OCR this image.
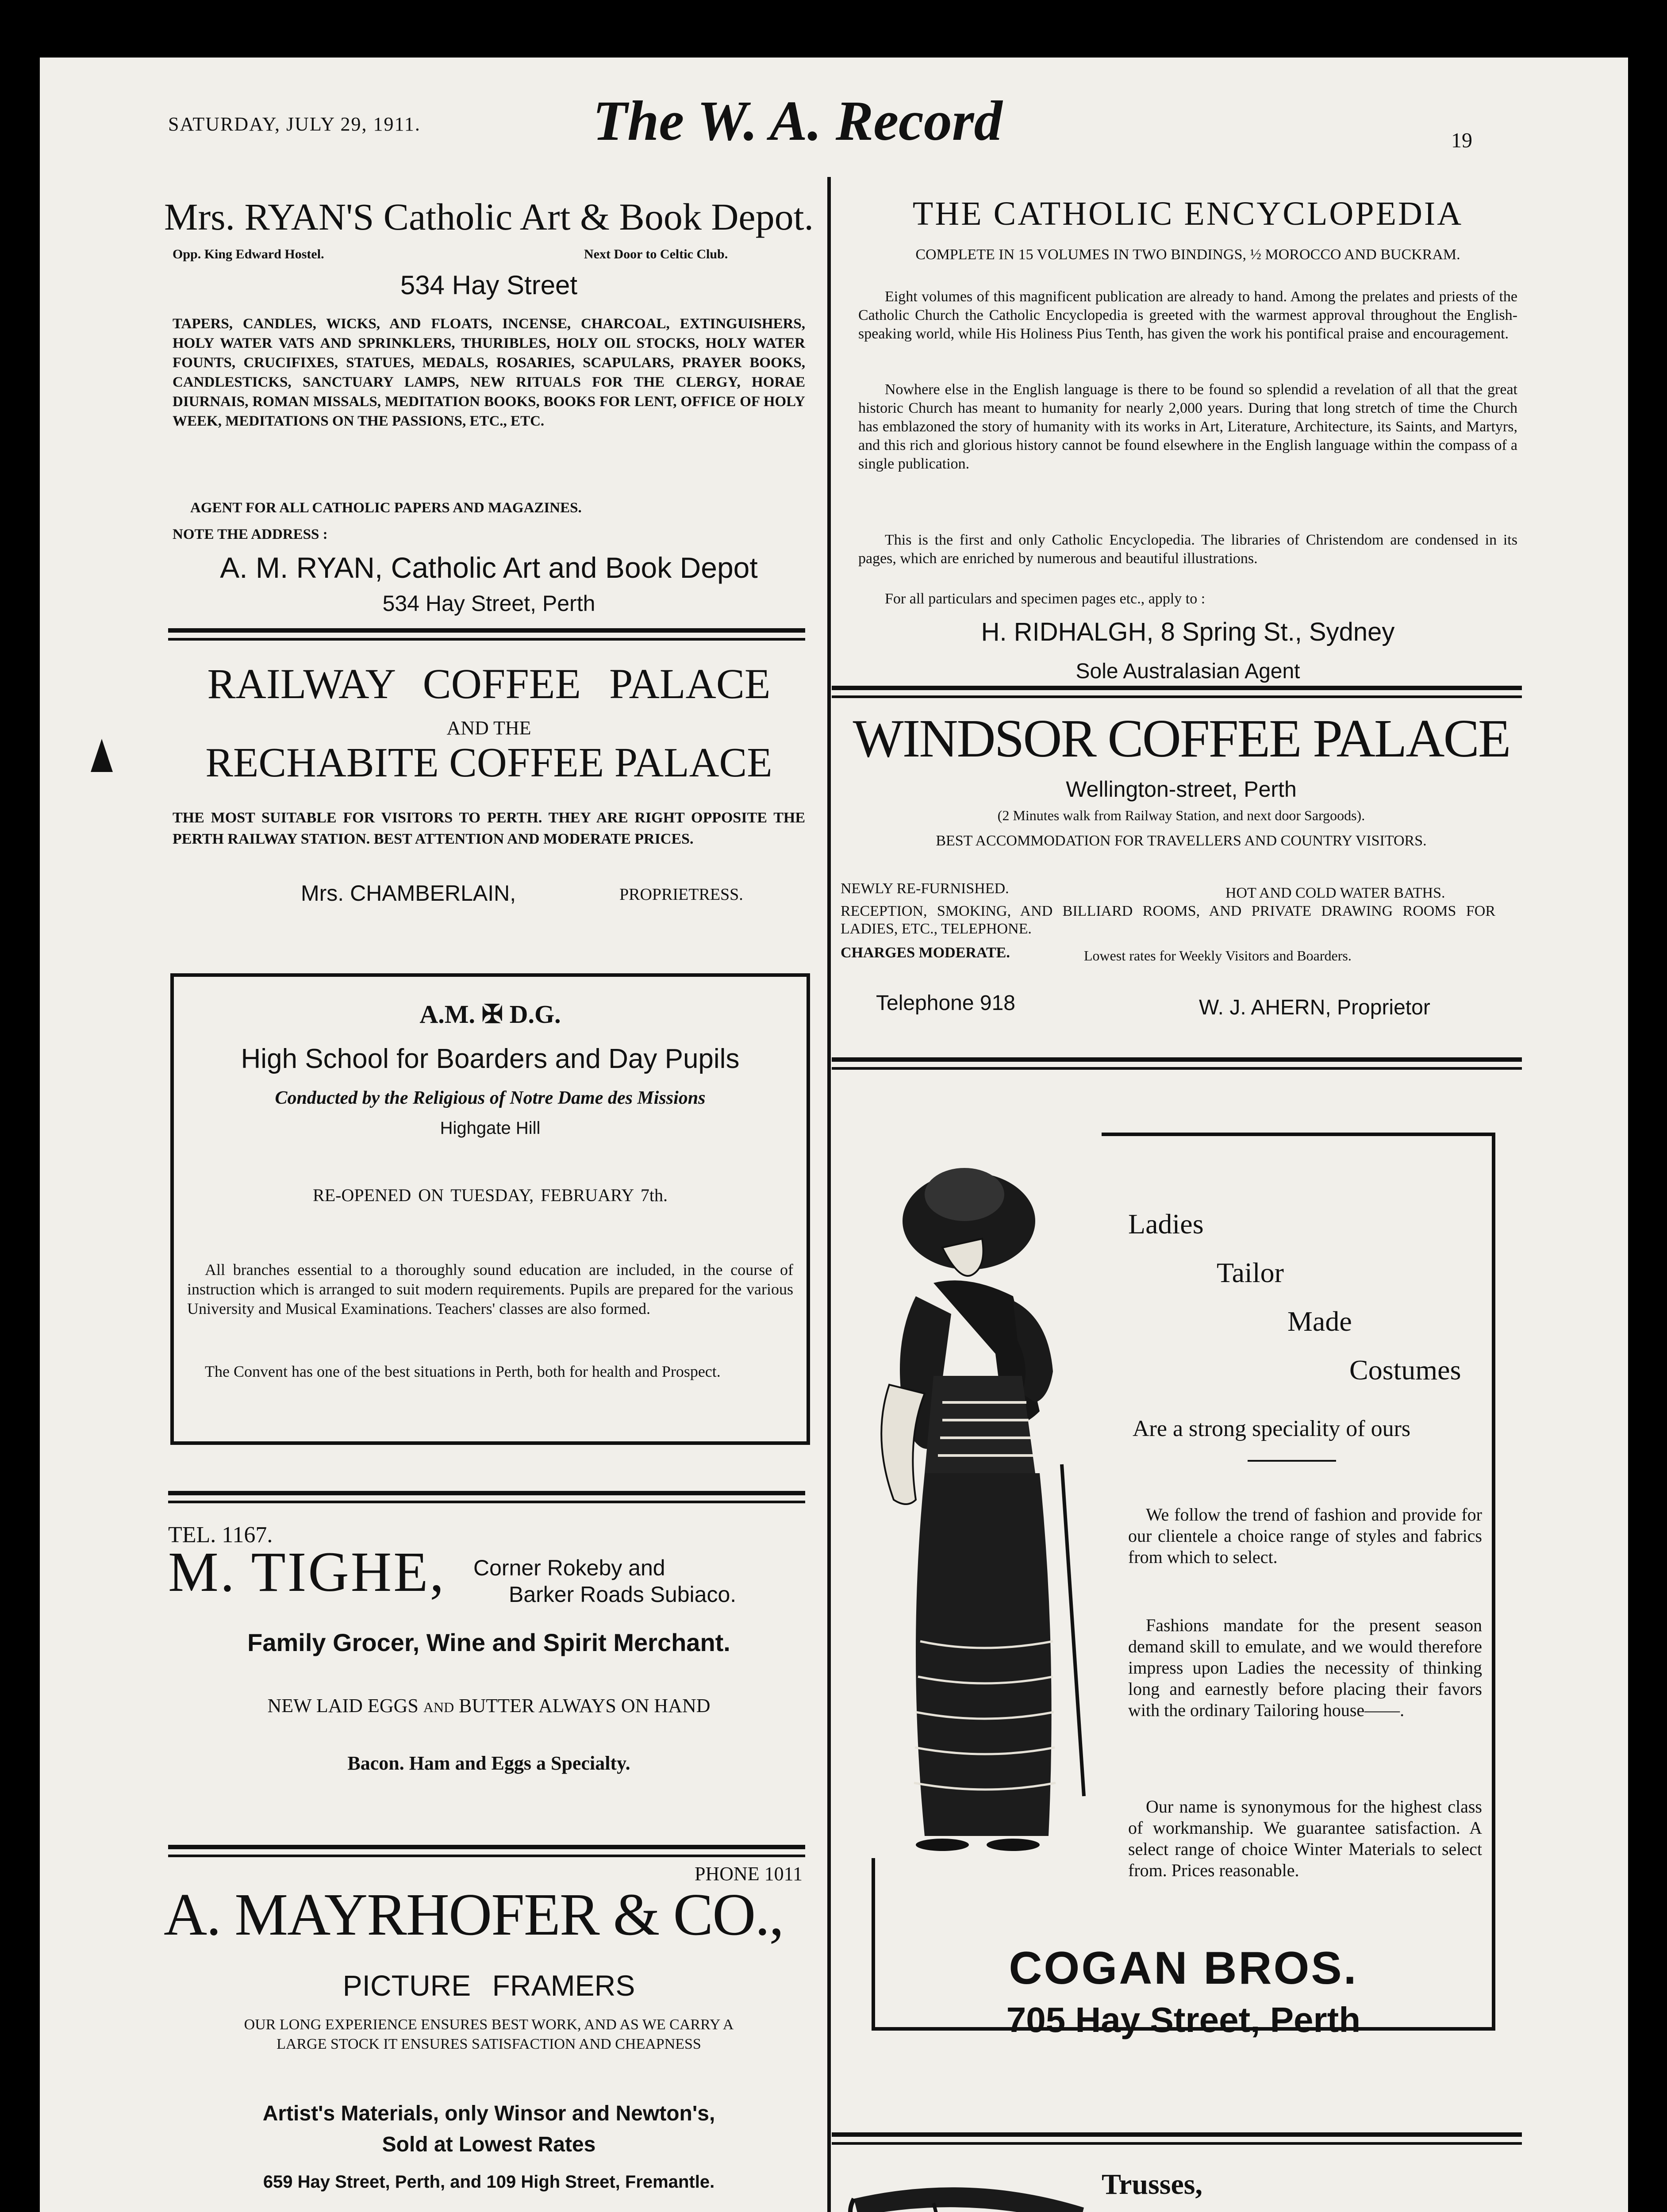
SATURDAY, JULY 29, 1911.	The W. A. Record	19
Mrs. RYAN'S Catholic Art & Book Depot.
Opp. King Edward Hostel.	Next Door to Celtic Club.
534 Hay Street
TAPERS, CANDLES, WICKS, AND FLOATS, INCENSE, CHARCOAL, EXTINGUISHERS, HOLY WATER VATS AND SPRINKLERS, THURIBLES, HOLY OIL STOCKS, HOLY WATER FOUNTS, CRUCIFIXES, STATUES, MEDALS, ROSARIES, SCAPULARS, PRAYER BOOKS, CANDLESTICKS, SANCTUARY LAMPS, NEW RITUALS FOR THE CLERGY, HORAE DIURNAIS, ROMAN MISSALS, MEDITATION BOOKS, BOOKS FOR LENT, OFFICE OF HOLY WEEK, MEDITATIONS ON THE PASSIONS, ETC., ETC.
AGENT FOR ALL CATHOLIC PAPERS AND MAGAZINES.
NOTE THE ADDRESS :
A. M. RYAN, Catholic Art and Book Depot
534 Hay Street, Perth
RAILWAY COFFEE PALACE
AND THE
RECHABITE COFFEE PALACE
THE MOST SUITABLE FOR VISITORS TO PERTH. THEY ARE RIGHT OPPOSITE THE PERTH RAILWAY STATION. BEST ATTENTION AND MODERATE PRICES.
Mrs. CHAMBERLAIN,	PROPRIETRESS.
A.M. ✠ D.G.
High School for Boarders and Day Pupils
Conducted by the Religious of Notre Dame des Missions
Highgate Hill
RE-OPENED ON TUESDAY, FEBRUARY 7th.
All branches essential to a thoroughly sound education are included, in the course of instruction which is arranged to suit modern requirements. Pupils are prepared for the various University and Musical Examinations. Teachers' classes are also formed.
The Convent has one of the best situations in Perth, both for health and Prospect.
TEL. 1167.
M. TIGHE, Corner Rokeby and
Barker Roads Subiaco.
Family Grocer, Wine and Spirit Merchant.
NEW LAID EGGS AND BUTTER ALWAYS ON HAND
Bacon. Ham and Eggs a Specialty.
PHONE 1011
A. MAYRHOFER & CO.,
PICTURE FRAMERS
OUR LONG EXPERIENCE ENSURES BEST WORK, AND AS WE CARRY A LARGE STOCK IT ENSURES SATISFACTION AND CHEAPNESS
Artist's Materials, only Winsor and Newton's,
Sold at Lowest Rates
659 Hay Street, Perth, and 109 High Street, Fremantle.
THE CATHOLIC ENCYCLOPEDIA
COMPLETE IN 15 VOLUMES IN TWO BINDINGS, ½ MOROCCO AND BUCKRAM.
Eight volumes of this magnificent publication are already to hand. Among the prelates and priests of the Catholic Church the Catholic Encyclopedia is greeted with the warmest approval throughout the English-speaking world, while His Holiness Pius Tenth, has given the work his pontifical praise and encouragement.
Nowhere else in the English language is there to be found so splendid a revelation of all that the great historic Church has meant to humanity for nearly 2,000 years. During that long stretch of time the Church has emblazoned the story of humanity with its works in Art, Literature, Architecture, its Saints, and Martyrs, and this rich and glorious history cannot be found elsewhere in the English language within the compass of a single publication.
This is the first and only Catholic Encyclopedia. The libraries of Christendom are condensed in its pages, which are enriched by numerous and beautiful illustrations.
For all particulars and specimen pages etc., apply to :
H. RIDHALGH, 8 Spring St., Sydney
Sole Australasian Agent
WINDSOR COFFEE PALACE
Wellington-street, Perth
(2 Minutes walk from Railway Station, and next door Sargoods).
BEST ACCOMMODATION FOR TRAVELLERS AND COUNTRY VISITORS.
NEWLY RE-FURNISHED.	HOT AND COLD WATER BATHS.
RECEPTION, SMOKING, AND BILLIARD ROOMS, AND PRIVATE DRAWING ROOMS FOR LADIES, ETC., TELEPHONE.
CHARGES MODERATE.	Lowest rates for Weekly Visitors and Boarders.
Telephone 918	W. J. AHERN, Proprietor
Ladies
Tailor
Made
Costumes
Are a strong speciality of ours
We follow the trend of fashion and provide for our clientele a choice range of styles and fabrics from which to select.
Fashions mandate for the present season demand skill to emulate, and we would therefore impress upon Ladies the necessity of thinking long and earnestly before placing their favors with the ordinary Tailoring house——.
Our name is synonymous for the highest class of workmanship. We guarantee satisfaction. A select range of choice Winter Materials to select from. Prices reasonable.
COGAN BROS.
705 Hay Street, Perth
Trusses,
